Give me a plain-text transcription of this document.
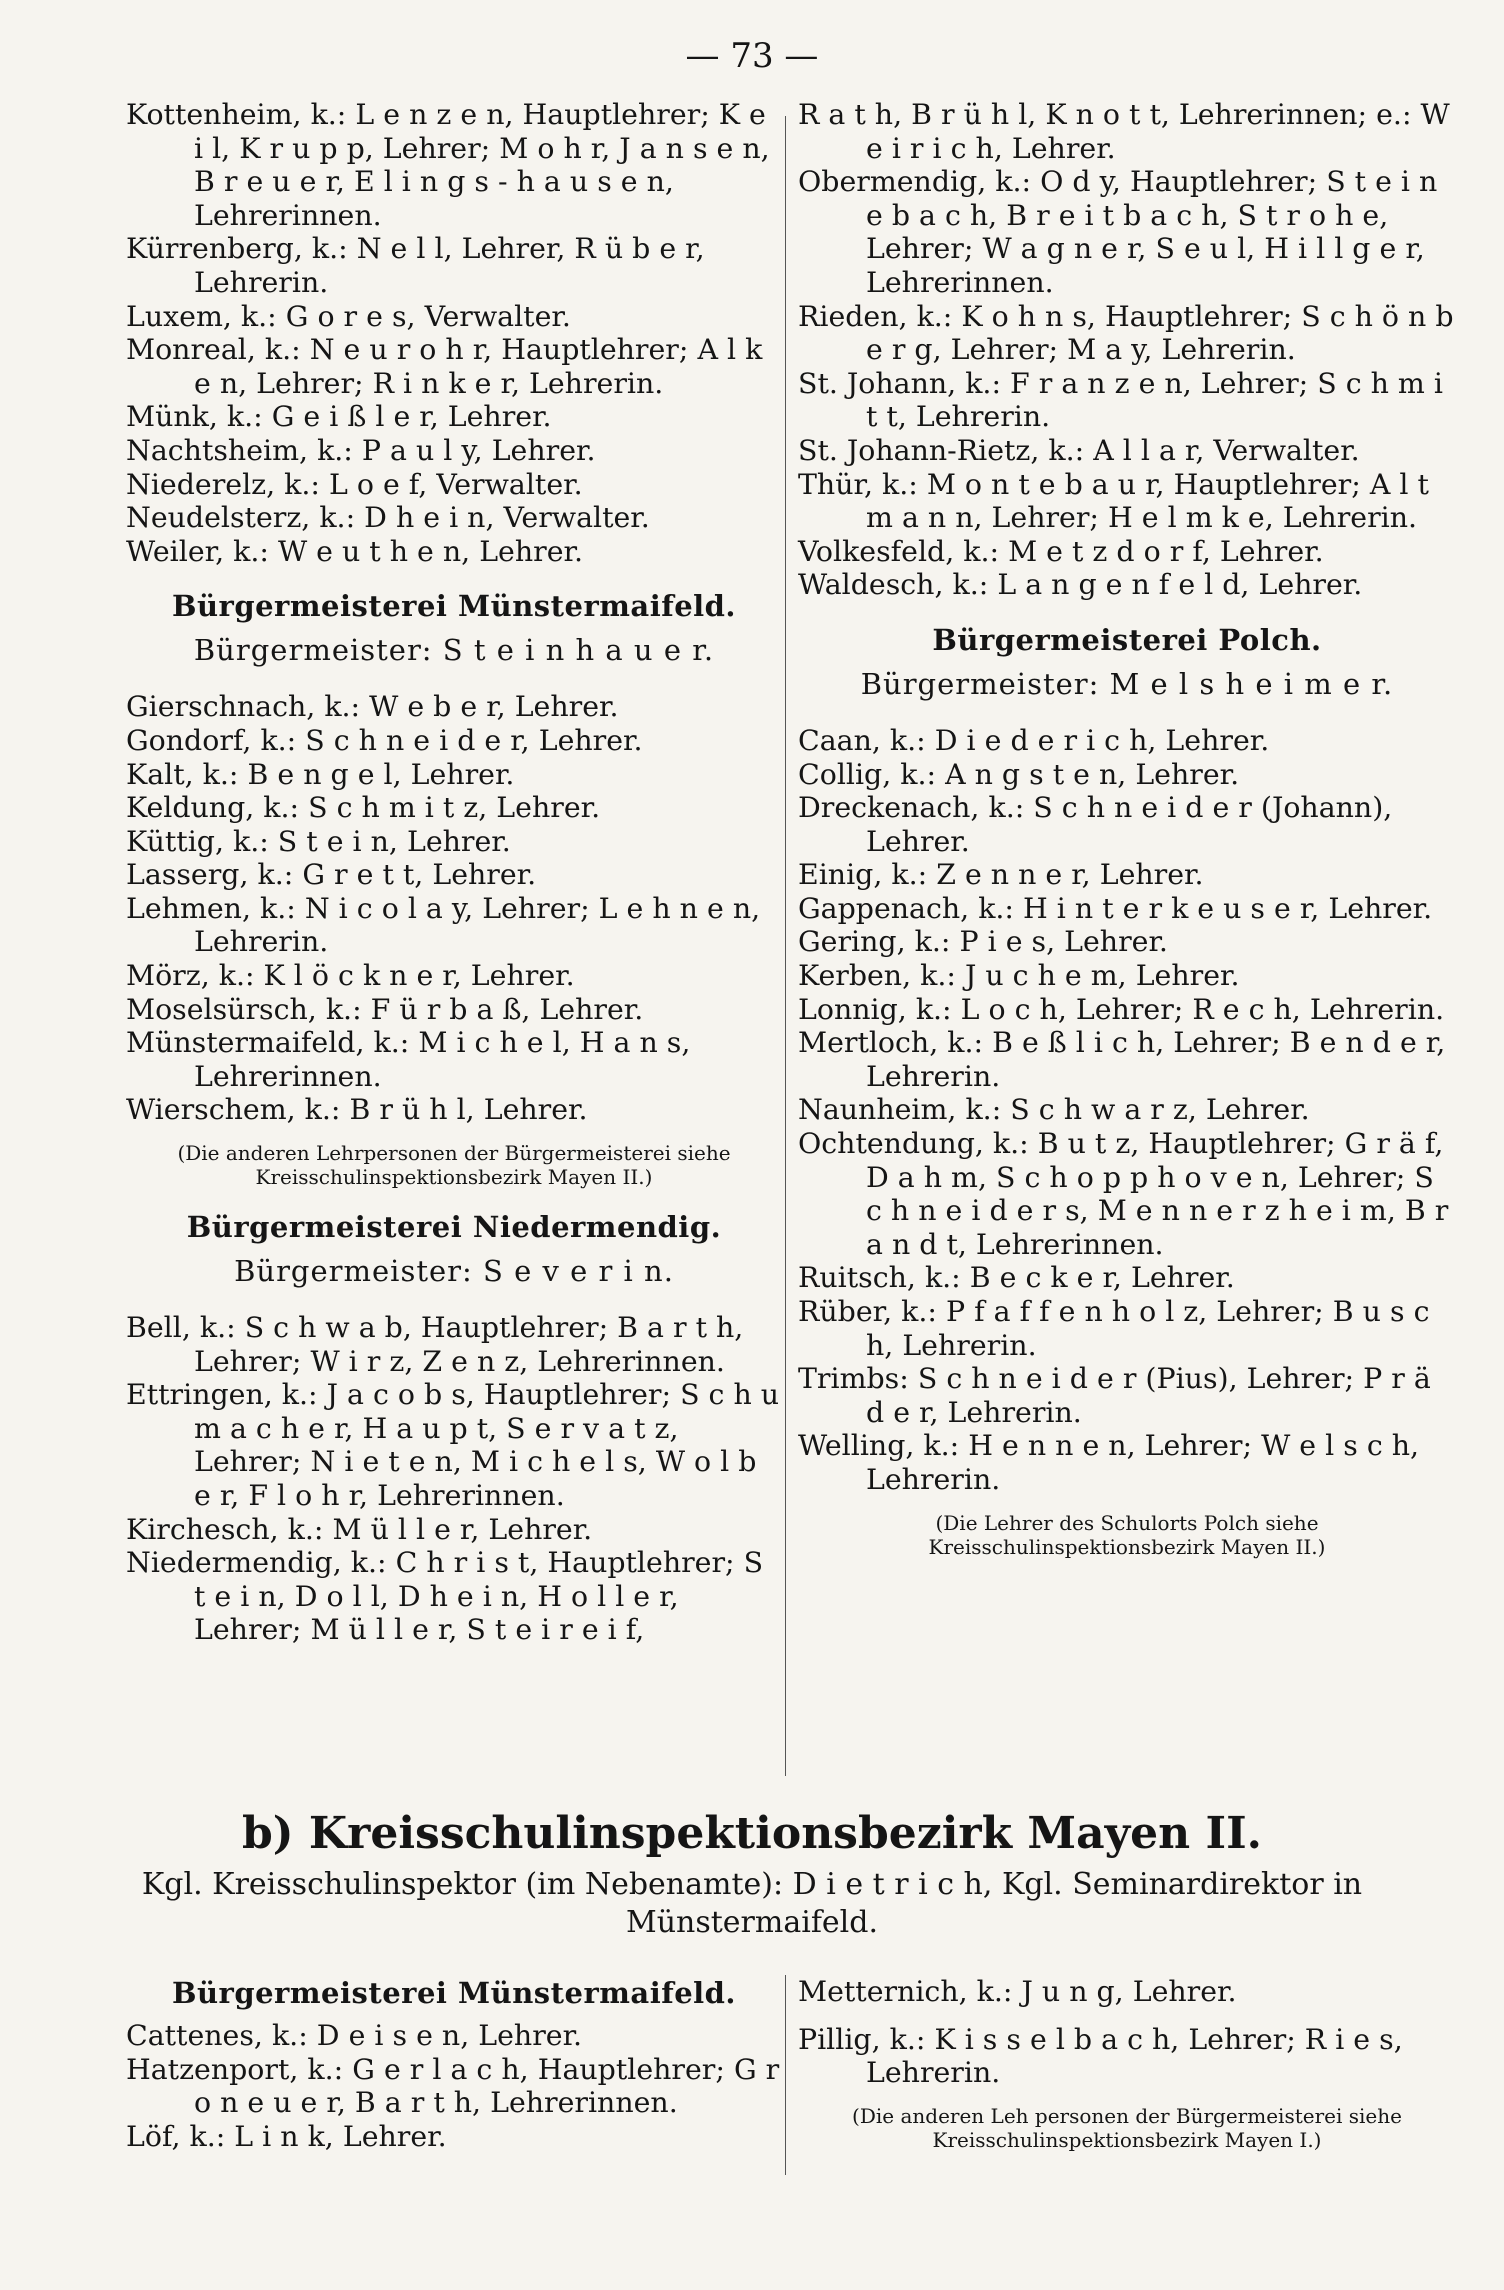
— 73 —

Kottenheim, k.: L e n z e n, Hauptlehrer; K e i l, K r u p p, Lehrer; M o h r, J a n s e n, B r e u e r, E l i n g s - h a u s e n, Lehrerinnen.

Kürrenberg, k.: N e l l, Lehrer, R ü b e r, Lehrerin.

Luxem, k.: G o r e s, Verwalter.

Monreal, k.: N e u r o h r, Hauptlehrer; A l k e n, Lehrer; R i n k e r, Lehrerin.

Münk, k.: G e i ß l e r, Lehrer.

Nachtsheim, k.: P a u l y, Lehrer.

Niederelz, k.: L o e f, Verwalter.

Neudelsterz, k.: D h e i n, Verwalter.

Weiler, k.: W e u t h e n, Lehrer.

Bürgermeisterei Münstermaifeld.
Bürgermeister: S t e i n h a u e r.

Gierschnach, k.: W e b e r, Lehrer.

Gondorf, k.: S c h n e i d e r, Lehrer.

Kalt, k.: B e n g e l, Lehrer.

Keldung, k.: S c h m i t z, Lehrer.

Küttig, k.: S t e i n, Lehrer.

Lasserg, k.: G r e t t, Lehrer.

Lehmen, k.: N i c o l a y, Lehrer; L e h n e n, Lehrerin.

Mörz, k.: K l ö c k n e r, Lehrer.

Moselsürsch, k.: F ü r b a ß, Lehrer.

Münstermaifeld, k.: M i c h e l, H a n s, Lehrerinnen.

Wierschem, k.: B r ü h l, Lehrer.

(Die anderen Lehrpersonen der Bürgermeisterei siehe Kreisschulinspektionsbezirk Mayen II.)
Bürgermeisterei Niedermendig.
Bürgermeister: S e v e r i n.

Bell, k.: S c h w a b, Hauptlehrer; B a r t h, Lehrer; W i r z, Z e n z, Lehrerinnen.

Ettringen, k.: J a c o b s, Hauptlehrer; S c h u m a c h e r, H a u p t, S e r v a t z, Lehrer; N i e t e n, M i c h e l s, W o l b e r, F l o h r, Lehrerinnen.

Kirchesch, k.: M ü l l e r, Lehrer.

Niedermendig, k.: C h r i s t, Hauptlehrer; S t e i n, D o l l, D h e i n, H o l l e r, Lehrer; M ü l l e r, S t e i r e i f,

R a t h, B r ü h l, K n o t t, Lehrerinnen; e.: W e i r i c h, Lehrer.

Obermendig, k.: O d y, Hauptlehrer; S t e i n e b a c h, B r e i t b a c h, S t r o h e, Lehrer; W a g n e r, S e u l, H i l l g e r, Lehrerinnen.

Rieden, k.: K o h n s, Hauptlehrer; S c h ö n b e r g, Lehrer; M a y, Lehrerin.

St. Johann, k.: F r a n z e n, Lehrer; S c h m i t t, Lehrerin.

St. Johann-Rietz, k.: A l l a r, Verwalter.

Thür, k.: M o n t e b a u r, Hauptlehrer; A l t m a n n, Lehrer; H e l m k e, Lehrerin.

Volkesfeld, k.: M e t z d o r f, Lehrer.

Waldesch, k.: L a n g e n f e l d, Lehrer.

Bürgermeisterei Polch.
Bürgermeister: M e l s h e i m e r.

Caan, k.: D i e d e r i c h, Lehrer.

Collig, k.: A n g s t e n, Lehrer.

Dreckenach, k.: S c h n e i d e r (Johann), Lehrer.

Einig, k.: Z e n n e r, Lehrer.

Gappenach, k.: H i n t e r k e u s e r, Lehrer.

Gering, k.: P i e s, Lehrer.

Kerben, k.: J u c h e m, Lehrer.

Lonnig, k.: L o c h, Lehrer; R e c h, Lehrerin.

Mertloch, k.: B e ß l i c h, Lehrer; B e n d e r, Lehrerin.

Naunheim, k.: S c h w a r z, Lehrer.

Ochtendung, k.: B u t z, Hauptlehrer; G r ä f, D a h m, S c h o p p h o v e n, Lehrer; S c h n e i d e r s, M e n n e r z h e i m, B r a n d t, Lehrerinnen.

Ruitsch, k.: B e c k e r, Lehrer.

Rüber, k.: P f a f f e n h o l z, Lehrer; B u s c h, Lehrerin.

Trimbs: S c h n e i d e r (Pius), Lehrer; P r ä d e r, Lehrerin.

Welling, k.: H e n n e n, Lehrer; W e l s c h, Lehrerin.

(Die Lehrer des Schulorts Polch siehe Kreisschulinspektionsbezirk Mayen II.)

b) Kreisschulinspektionsbezirk Mayen II.

Kgl. Kreisschulinspektor (im Nebenamte): D i e t r i c h, Kgl. Seminardirektor in Münstermaifeld.

Bürgermeisterei Münstermaifeld.

Cattenes, k.: D e i s e n, Lehrer.

Hatzenport, k.: G e r l a c h, Hauptlehrer; G r o n e u e r, B a r t h, Lehrerinnen.

Löf, k.: L i n k, Lehrer.

Metternich, k.: J u n g, Lehrer.

Pillig, k.: K i s s e l b a c h, Lehrer; R i e s, Lehrerin.

(Die anderen Leh personen der Bürgermeisterei siehe Kreisschulinspektionsbezirk Mayen I.)
